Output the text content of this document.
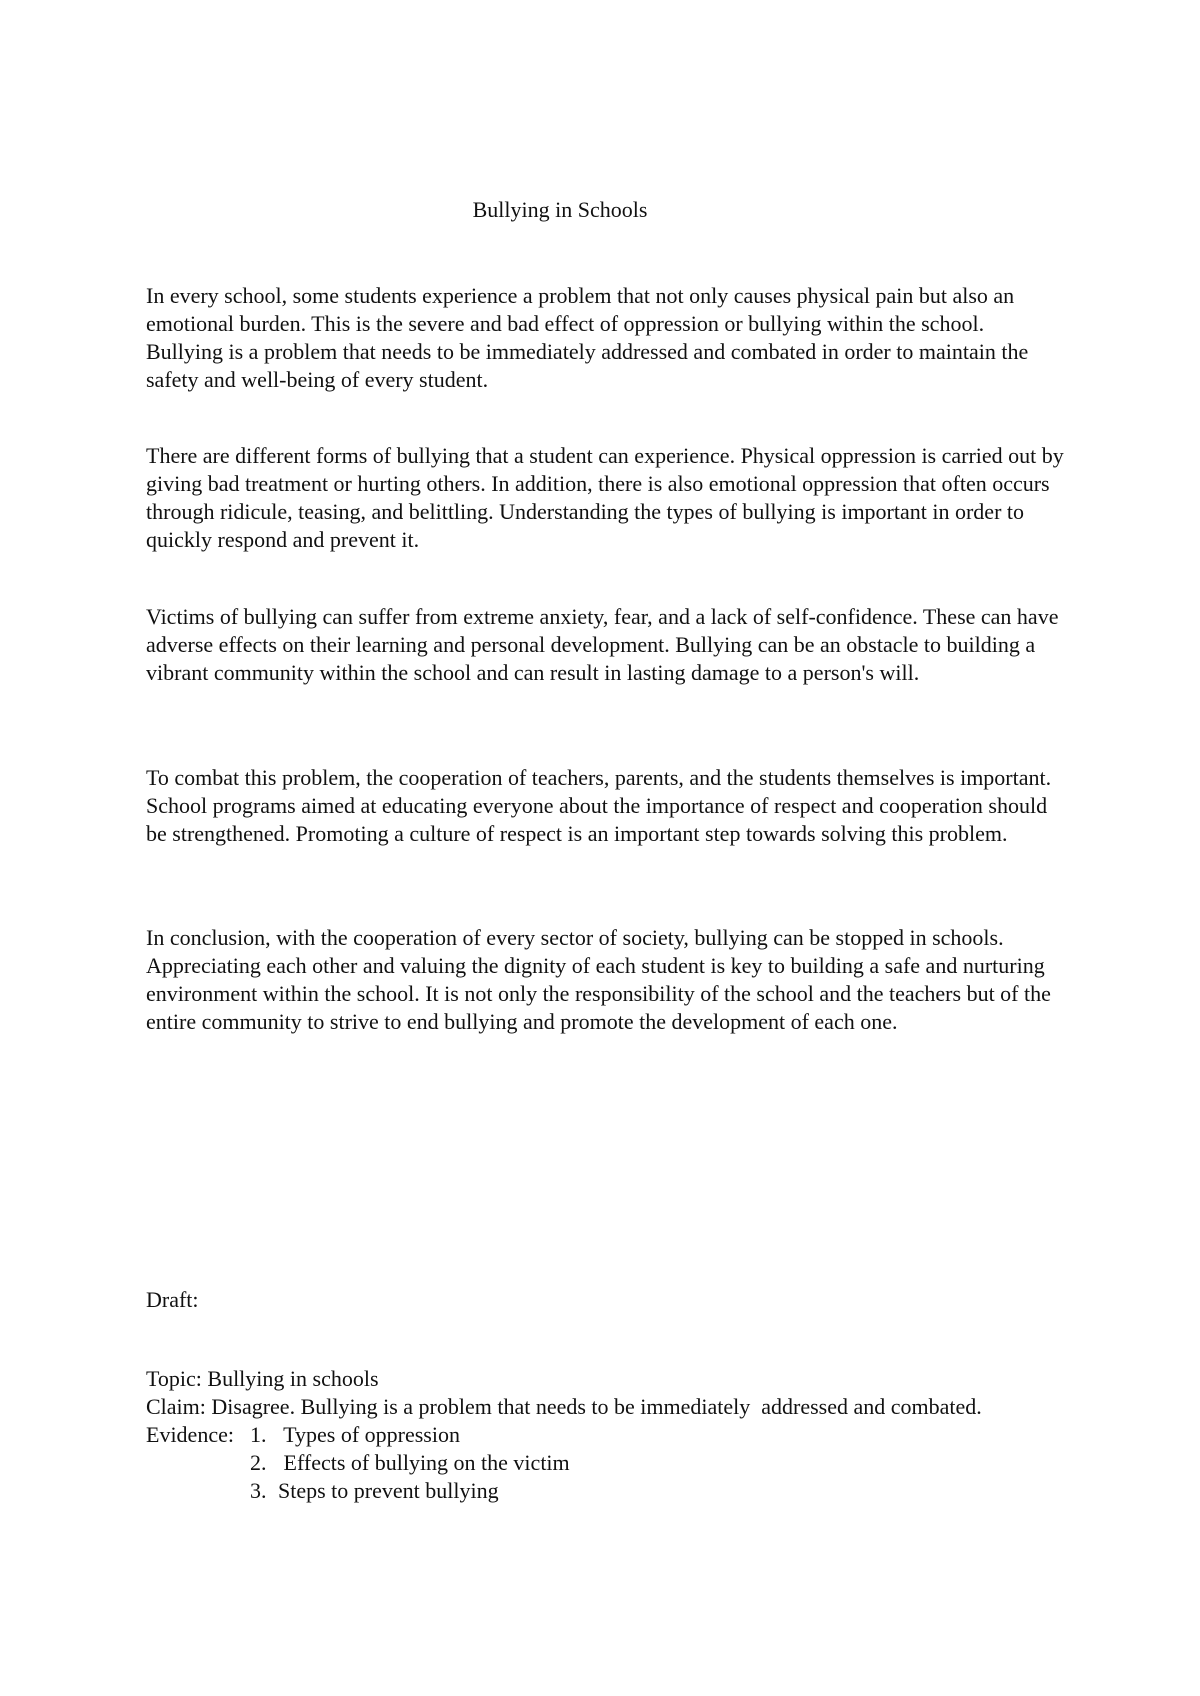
Bullying in Schools

In every school, some students experience a problem that not only causes physical pain but also an emotional burden. This is the severe and bad effect of oppression or bullying within the school. Bullying is a problem that needs to be immediately addressed and combated in order to maintain the safety and well-being of every student.

There are different forms of bullying that a student can experience. Physical oppression is carried out by giving bad treatment or hurting others. In addition, there is also emotional oppression that often occurs through ridicule, teasing, and belittling. Understanding the types of bullying is important in order to quickly respond and prevent it.

Victims of bullying can suffer from extreme anxiety, fear, and a lack of self-confidence. These can have adverse effects on their learning and personal development. Bullying can be an obstacle to building a vibrant community within the school and can result in lasting damage to a person's will.

To combat this problem, the cooperation of teachers, parents, and the students themselves is important. School programs aimed at educating everyone about the importance of respect and cooperation should be strengthened. Promoting a culture of respect is an important step towards solving this problem.

In conclusion, with the cooperation of every sector of society, bullying can be stopped in schools. Appreciating each other and valuing the dignity of each student is key to building a safe and nurturing environment within the school. It is not only the responsibility of the school and the teachers but of the entire community to strive to end bullying and promote the development of each one.

Draft:

Topic: Bullying in schools
Claim: Disagree. Bullying is a problem that needs to be immediately  addressed and combated.
Evidence: 1. Types of oppression
2. Effects of bullying on the victim
3. Steps to prevent bullying
